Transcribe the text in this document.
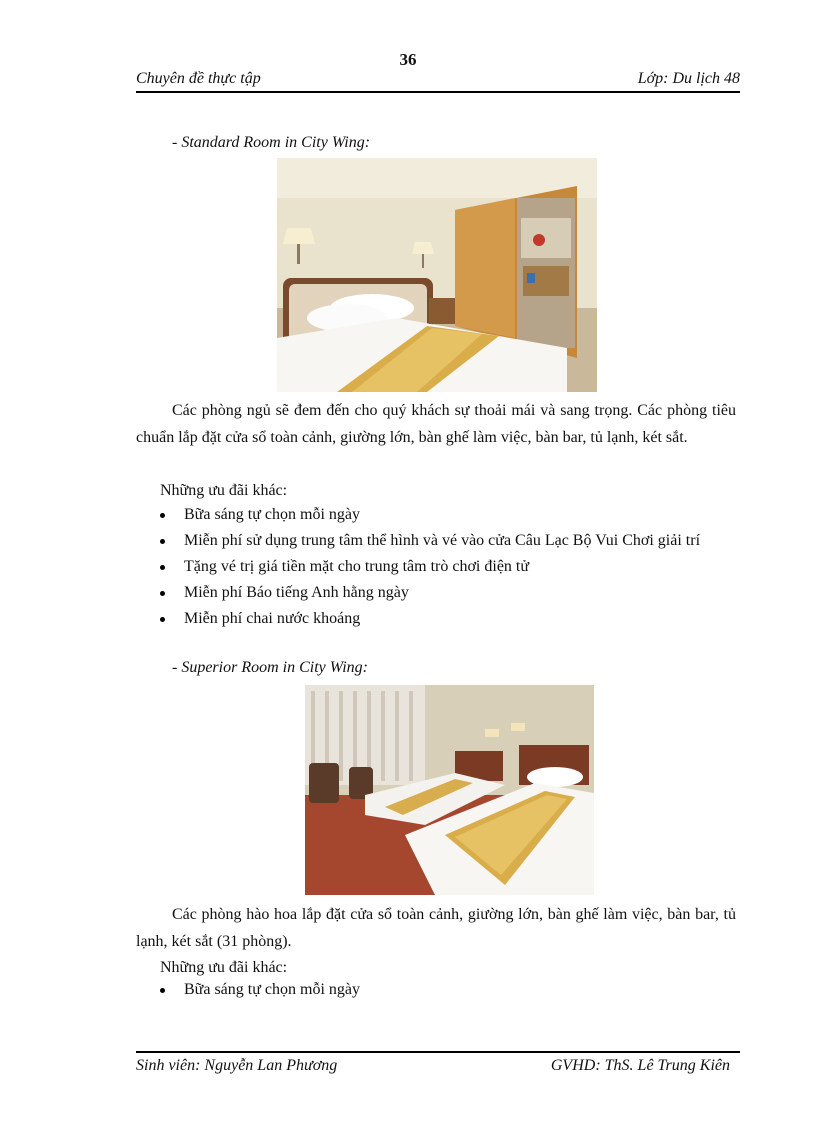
36
Chuyên đề thực tập	Lớp: Du lịch 48
- Standard Room in City Wing:
Các phòng ngủ sẽ đem đến cho quý khách sự thoải mái và sang trọng. Các phòng tiêu chuẩn lắp đặt cửa sổ toàn cảnh, giường lớn, bàn ghế làm việc, bàn bar, tủ lạnh, két sắt.
Những ưu đãi khác:
Bữa sáng tự chọn mỗi ngày
Miễn phí sử dụng trung tâm thể hình và vé vào cửa Câu Lạc Bộ Vui Chơi giải trí
Tặng vé trị giá tiền mặt cho trung tâm trò chơi điện tử
Miễn phí Báo tiếng Anh hằng ngày
Miễn phí chai nước khoáng
- Superior Room in City Wing:
Các phòng hào hoa lắp đặt cửa sổ toàn cảnh, giường lớn, bàn ghế làm việc, bàn bar, tủ lạnh, két sắt (31 phòng).
Những ưu đãi khác:
Bữa sáng tự chọn mỗi ngày
Sinh viên: Nguyễn Lan Phương	GVHD: ThS. Lê Trung Kiên
